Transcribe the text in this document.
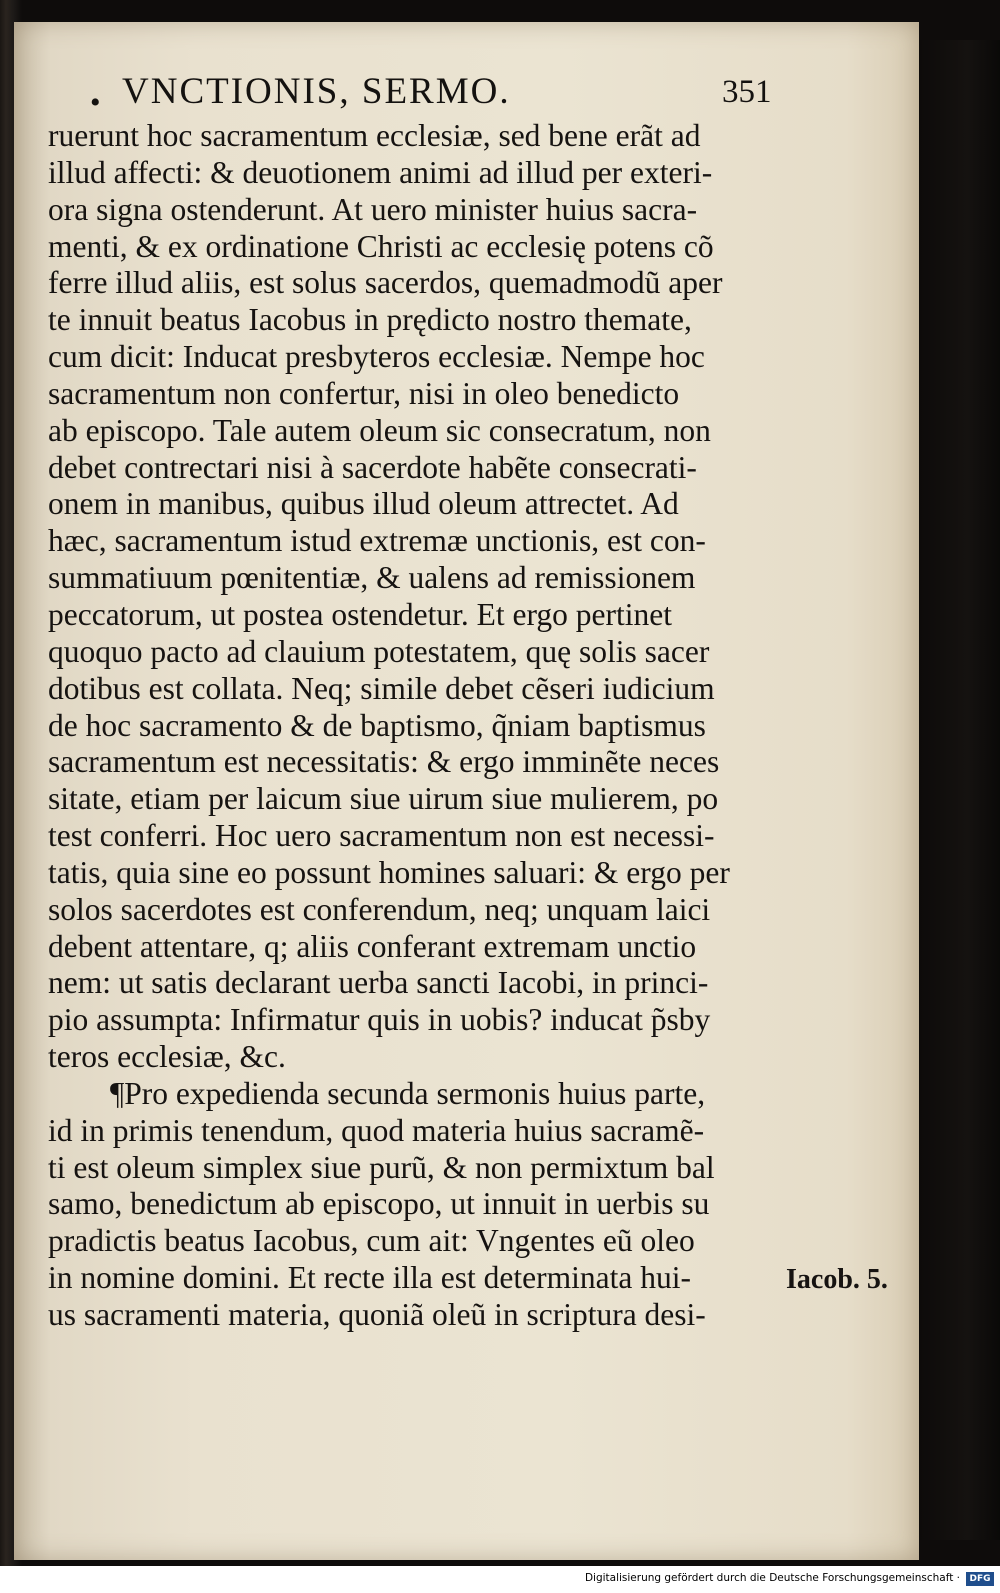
• VNCTIONIS, SERMO.	351
ruerunt hoc sacramentum ecclesiæ, sed bene erãt ad
illud affecti: & deuotionem animi ad illud per exteri-
ora signa ostenderunt. At uero minister huius sacra-
menti, & ex ordinatione Christi ac ecclesię potens cõ
ferre illud aliis, est solus sacerdos, quemadmodũ aper
te innuit beatus Iacobus in prędicto nostro themate,
cum dicit: Inducat presbyteros ecclesiæ. Nempe hoc
sacramentum non confertur, nisi in oleo benedicto
ab episcopo. Tale autem oleum sic consecratum, non
debet contrectari nisi à sacerdote habẽte consecrati-
onem in manibus, quibus illud oleum attrectet. Ad
hæc, sacramentum istud extremæ unctionis, est con-
summatiuum pœnitentiæ, & ualens ad remissionem
peccatorum, ut postea ostendetur. Et ergo pertinet
quoquo pacto ad clauium potestatem, quę solis sacer
dotibus est collata. Neq; simile debet cẽseri iudicium
de hoc sacramento & de baptismo, q̃niam baptismus
sacramentum est necessitatis: & ergo imminẽte neces
sitate, etiam per laicum siue uirum siue mulierem, po
test conferri. Hoc uero sacramentum non est necessi-
tatis, quia sine eo possunt homines saluari: & ergo per
solos sacerdotes est conferendum, neq; unquam laici
debent attentare, q; aliis conferant extremam unctio
nem: ut satis declarant uerba sancti Iacobi, in princi-
pio assumpta: Infirmatur quis in uobis? inducat p̃sby
teros ecclesiæ, &c.
¶Pro expedienda secunda sermonis huius parte,
id in primis tenendum, quod materia huius sacramẽ-
ti est oleum simplex siue purũ, & non permixtum bal
samo, benedictum ab episcopo, ut innuit in uerbis su
pradictis beatus Iacobus, cum ait: Vngentes eũ oleo
in nomine domini. Et recte illa est determinata hui-
us sacramenti materia, quoniã oleũ in scriptura desi-
Iacob. 5.
Digitalisierung gefördert durch die Deutsche Forschungsgemeinschaft ·	DFG
